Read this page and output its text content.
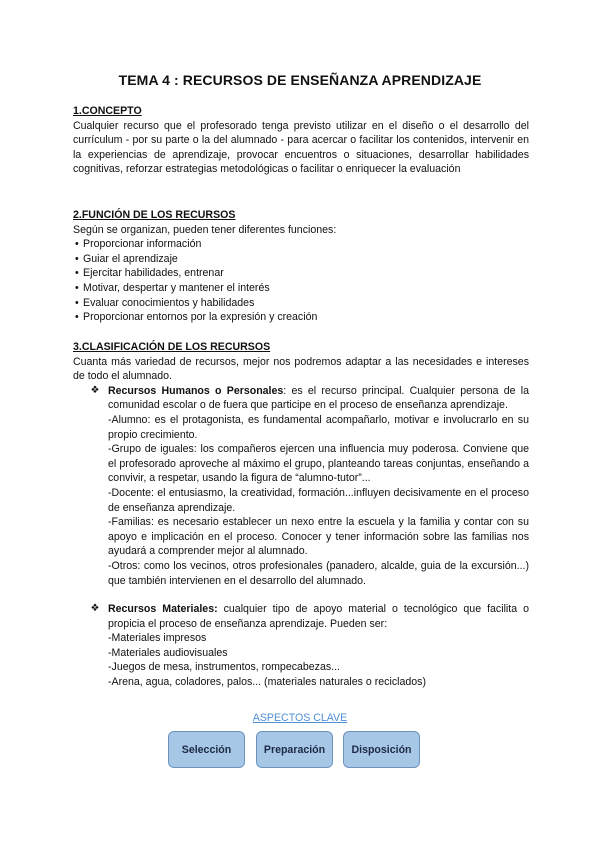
TEMA 4 : RECURSOS DE ENSEÑANZA APRENDIZAJE
1.CONCEPTO
Cualquier recurso que el profesorado tenga previsto utilizar en el diseño o el desarrollo del currículum - por su parte o la del alumnado - para acercar o facilitar los contenidos, intervenir en la experiencias de aprendizaje, provocar encuentros o situaciones, desarrollar habilidades cognitivas, reforzar estrategias metodológicas o facilitar o enriquecer la evaluación
2.FUNCIÓN DE LOS RECURSOS
Según se organizan, pueden tener diferentes funciones:
• Proporcionar información
• Guiar el aprendizaje
• Ejercitar habilidades, entrenar
• Motivar, despertar y mantener el interés
• Evaluar conocimientos y habilidades
• Proporcionar entornos por la expresión y creación
3.CLASIFICACIÓN DE LOS RECURSOS
Cuanta más variedad de recursos, mejor nos podremos adaptar a las necesidades e intereses de todo el alumnado.
❖ Recursos Humanos o Personales: es el recurso principal. Cualquier persona de la comunidad escolar o de fuera que participe en el proceso de enseñanza aprendizaje.

-Alumno: es el protagonista, es fundamental acompañarlo, motivar e involucrarlo en su propio crecimiento.

-Grupo de iguales: los compañeros ejercen una influencia muy poderosa. Conviene que el profesorado aproveche al máximo el grupo, planteando tareas conjuntas, enseñando a convivir, a respetar, usando la figura de “alumno-tutor”...

-Docente: el entusiasmo, la creatividad, formación...influyen decisivamente en el proceso de enseñanza aprendizaje.

-Familias: es necesario establecer un nexo entre la escuela y la familia y contar con su apoyo e implicación en el proceso. Conocer y tener información sobre las familias nos ayudará a comprender mejor al alumnado.

-Otros: como los vecinos, otros profesionales (panadero, alcalde, guia de la excursión...) que también intervienen en el desarrollo del alumnado.

❖ Recursos Materiales: cualquier tipo de apoyo material o tecnológico que facilita o propicia el proceso de enseñanza aprendizaje. Pueden ser:

-Materiales impresos

-Materiales audiovisuales

-Juegos de mesa, instrumentos, rompecabezas...

-Arena, agua, coladores, palos... (materiales naturales o reciclados)

ASPECTOS CLAVE
Selección	Preparación	Disposición
